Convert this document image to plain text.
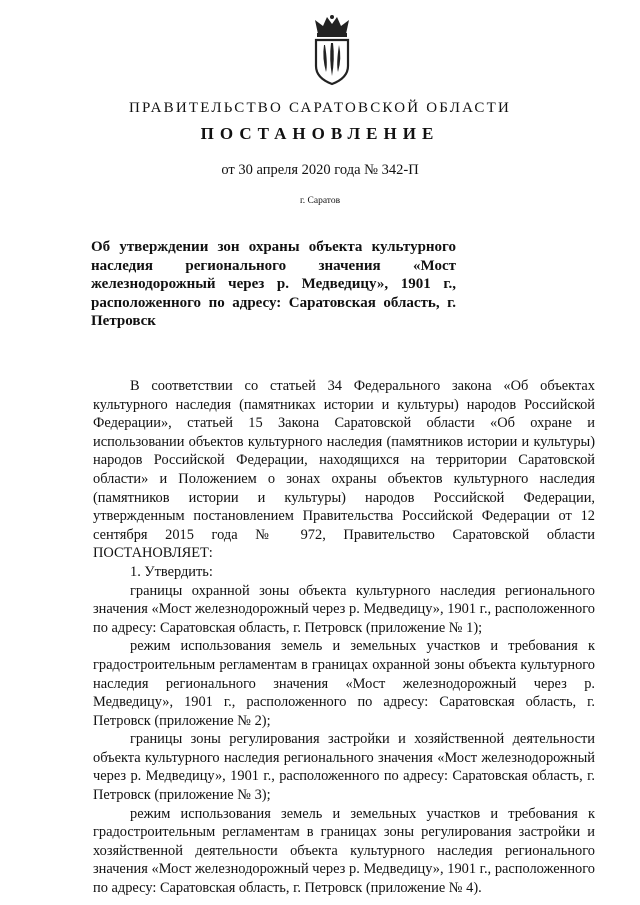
ПРАВИТЕЛЬСТВО САРАТОВСКОЙ ОБЛАСТИ
ПОСТАНОВЛЕНИЕ
от 30 апреля 2020 года № 342-П
г. Саратов
Об утверждении зон охраны объекта культурного наследия регионального значения «Мост железнодорожный через р. Медведицу», 1901 г., расположенного по адресу: Саратовская область, г. Петровск

В соответствии со статьей 34 Федерального закона «Об объектах культурного наследия (памятниках истории и культуры) народов Российской Федерации», статьей 15 Закона Саратовской области «Об охране и использовании объектов культурного наследия (памятников истории и культуры) народов Российской Федерации, находящихся на территории Саратовской области» и Положением о зонах охраны объектов культурного наследия (памятников истории и культуры) народов Российской Федерации, утвержденным постановлением Правительства Российской Федерации от 12 сентября 2015 года № 972, Правительство Саратовской области ПОСТАНОВЛЯЕТ:

1. Утвердить:

границы охранной зоны объекта культурного наследия регионального значения «Мост железнодорожный через р. Медведицу», 1901 г., расположенного по адресу: Саратовская область, г. Петровск (приложение № 1);

режим использования земель и земельных участков и требования к градостроительным регламентам в границах охранной зоны объекта культурного наследия регионального значения «Мост железнодорожный через р. Медведицу», 1901 г., расположенного по адресу: Саратовская область, г. Петровск (приложение № 2);

границы зоны регулирования застройки и хозяйственной деятельности объекта культурного наследия регионального значения «Мост железнодорожный через р. Медведицу», 1901 г., расположенного по адресу: Саратовская область, г. Петровск (приложение № 3);

режим использования земель и земельных участков и требования к градостроительным регламентам в границах зоны регулирования застройки и хозяйственной деятельности объекта культурного наследия регионального значения «Мост железнодорожный через р. Медведицу», 1901 г., расположенного по адресу: Саратовская область, г. Петровск (приложение № 4).
